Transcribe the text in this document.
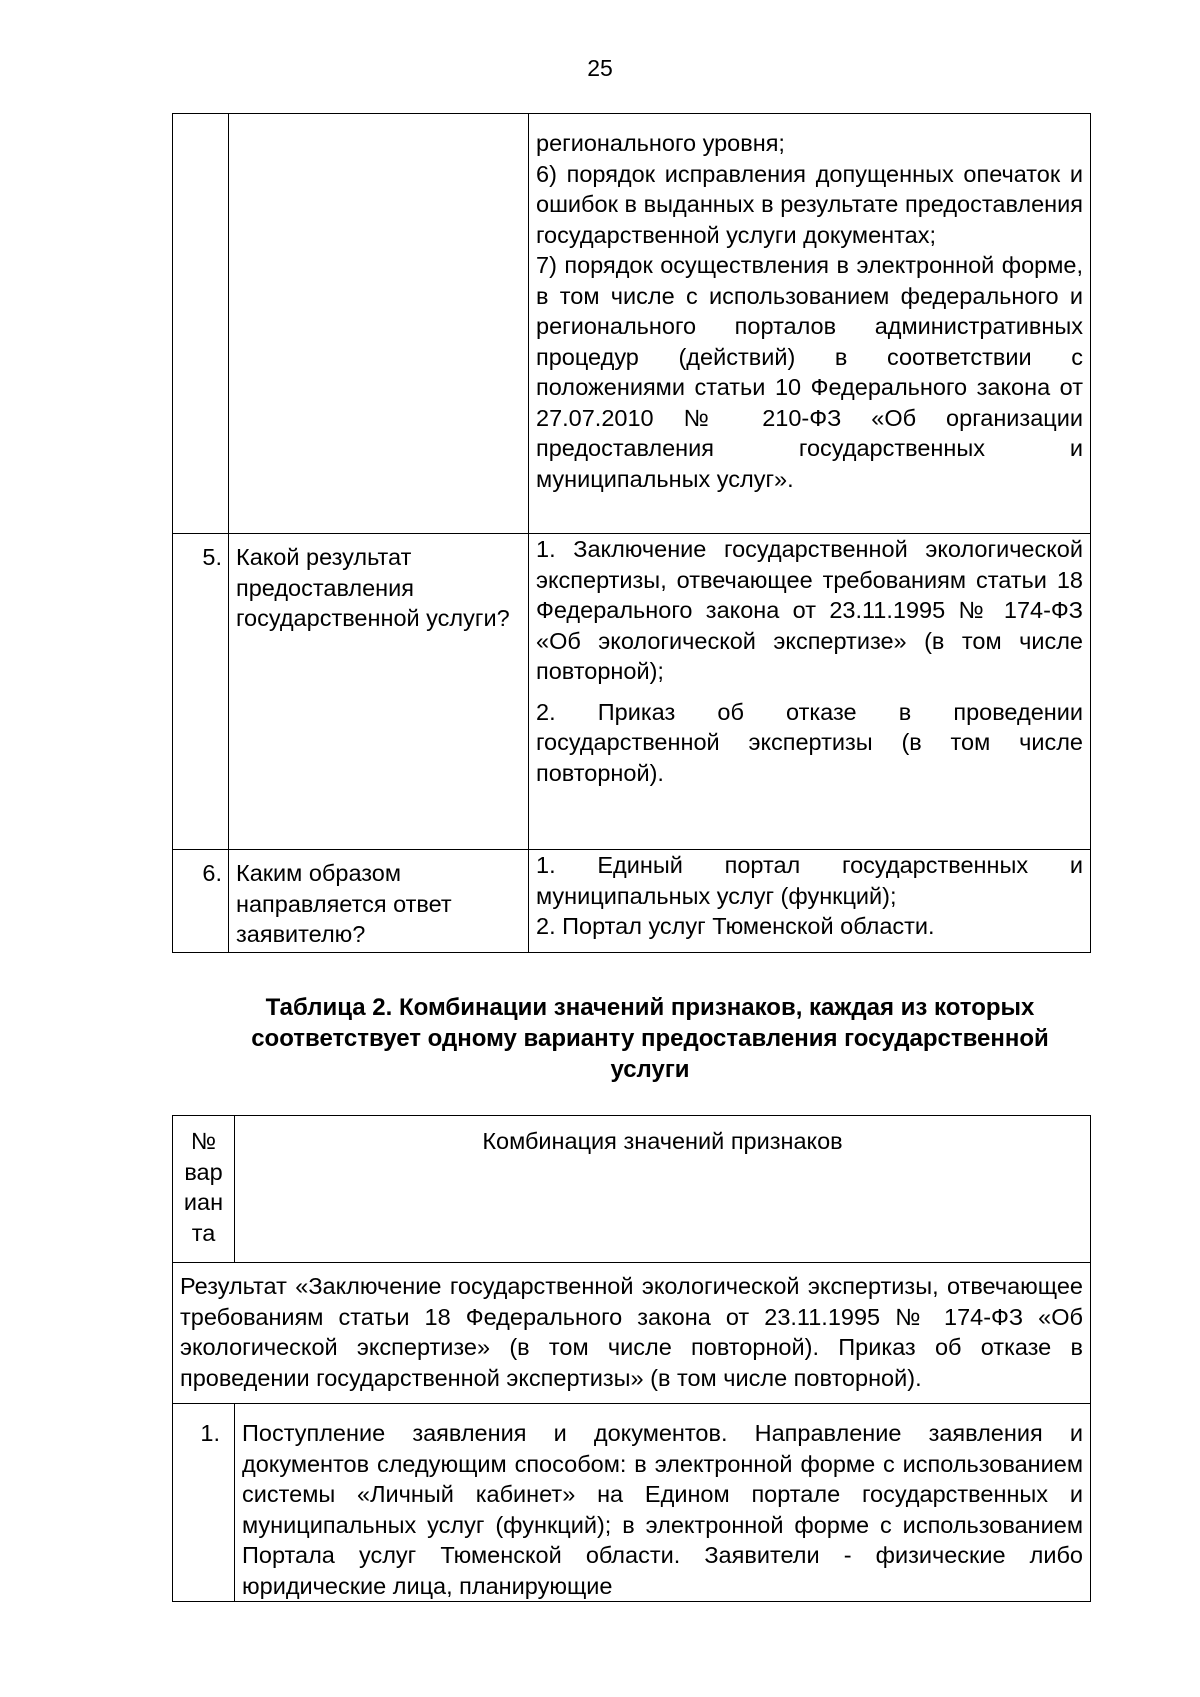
25

		регионального уровня;
6) порядок исправления допущенных опечаток и ошибок в выданных в результате предоставления государственной услуги документах;
7) порядок осуществления в электронной форме, в том числе с использованием федерального и регионального порталов административных процедур (действий) в соответствии с положениями статьи 10 Федерального закона от 27.07.2010 № 210-ФЗ «Об организации предоставления государственных и муниципальных услуг».

5.	Какой результат предоставления государственной услуги?	1. Заключение государственной экологической экспертизы, отвечающее требованиям статьи 18 Федерального закона от 23.11.1995 № 174-ФЗ «Об экологической экспертизе» (в том числе повторной);
2. Приказ об отказе в проведении государственной экспертизы (в том числе повторной).

6.	Каким образом направляется ответ заявителю?	1. Единый портал государственных и муниципальных услуг (функций);
2. Портал услуг Тюменской области.
Таблица 2. Комбинации значений признаков, каждая из которых
соответствует одному варианту предоставления государственной
услуги
№
вар
иан
та	Комбинация значений признаков
Результат «Заключение государственной экологической экспертизы, отвечающее требованиям статьи 18 Федерального закона от 23.11.1995 № 174-ФЗ «Об экологической экспертизе» (в том числе повторной). Приказ об отказе в проведении государственной экспертизы» (в том числе повторной).	
1.	Поступление заявления и документов. Направление заявления и документов следующим способом: в электронной форме с использованием системы «Личный кабинет» на Едином портале государственных и муниципальных услуг (функций); в электронной форме с использованием Портала услуг Тюменской области. Заявители - физические либо юридические лица, планирующие
